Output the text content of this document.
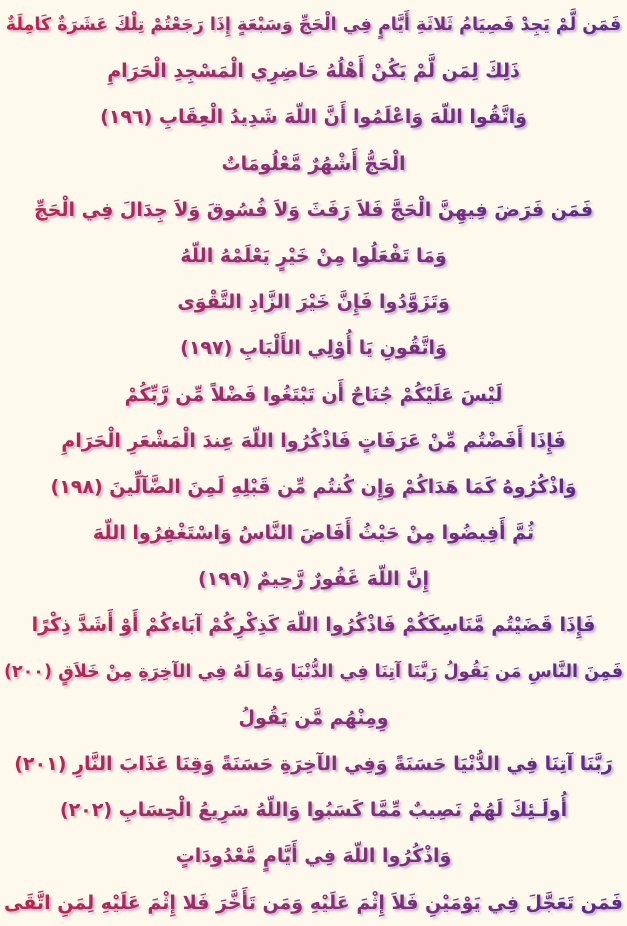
فَمَن لَّمْ يَجِدْ فَصِيَامُ ثَلاثَةِ أَيَّامٍ فِي الْحَجِّ وَسَبْعَةٍ إِذَا رَجَعْتُمْ تِلْكَ عَشَرَةٌ كَامِلَةٌ
ذَلِكَ لِمَن لَّمْ يَكُنْ أَهْلُهُ حَاضِرِي الْمَسْجِدِ الْحَرَامِ
وَاتَّقُوا اللّهَ وَاعْلَمُوا أَنَّ اللّهَ شَدِيدُ الْعِقَابِ (١٩٦)
الْحَجُّ أَشْهُرٌ مَّعْلُومَاتٌ
فَمَن فَرَضَ فِيهِنَّ الْحَجَّ فَلاَ رَفَثَ وَلاَ فُسُوقَ وَلاَ جِدَالَ فِي الْحَجِّ
وَمَا تَفْعَلُوا مِنْ خَيْرٍ يَعْلَمْهُ اللّهُ
وَتَزَوَّدُوا فَإِنَّ خَيْرَ الزَّادِ التَّقْوَى
وَاتَّقُونِ يَا أُوْلِي الأَلْبَابِ (١٩٧)
لَيْسَ عَلَيْكُمْ جُنَاحٌ أَن تَبْتَغُوا فَضْلاً مِّن رَّبِّكُمْ
فَإِذَا أَفَضْتُم مِّنْ عَرَفَاتٍ فَاذْكُرُوا اللّهَ عِندَ الْمَشْعَرِ الْحَرَامِ
وَاذْكُرُوهُ كَمَا هَدَاكُمْ وَإِن كُنتُم مِّن قَبْلِهِ لَمِنَ الضَّآلِّينَ (١٩٨)
ثُمَّ أَفِيضُوا مِنْ حَيْثُ أَفَاضَ النَّاسُ وَاسْتَغْفِرُوا اللّهَ
إِنَّ اللّهَ غَفُورٌ رَّحِيمٌ (١٩٩)
فَإِذَا قَضَيْتُم مَّنَاسِكَكُمْ فَاذْكُرُوا اللّهَ كَذِكْرِكُمْ آبَاءكُمْ أَوْ أَشَدَّ ذِكْرًا
فَمِنَ النَّاسِ مَن يَقُولُ رَبَّنَا آتِنَا فِي الدُّنْيَا وَمَا لَهُ فِي الآخِرَةِ مِنْ خَلاَقٍ (٢٠٠)
وِمِنْهُم مَّن يَقُولُ
رَبَّنَا آتِنَا فِي الدُّنْيَا حَسَنَةً وَفِي الآخِرَةِ حَسَنَةً وَقِنَا عَذَابَ النَّارِ (٢٠١)
أُولَـئِكَ لَهُمْ نَصِيبٌ مِّمَّا كَسَبُوا وَاللّهُ سَرِيعُ الْحِسَابِ (٢٠٢)
وَاذْكُرُوا اللّهَ فِي أَيَّامٍ مَّعْدُودَاتٍ
فَمَن تَعَجَّلَ فِي يَوْمَيْنِ فَلاَ إِثْمَ عَلَيْهِ وَمَن تَأَخَّرَ فَلا إِثْمَ عَلَيْهِ لِمَنِ اتَّقَى
